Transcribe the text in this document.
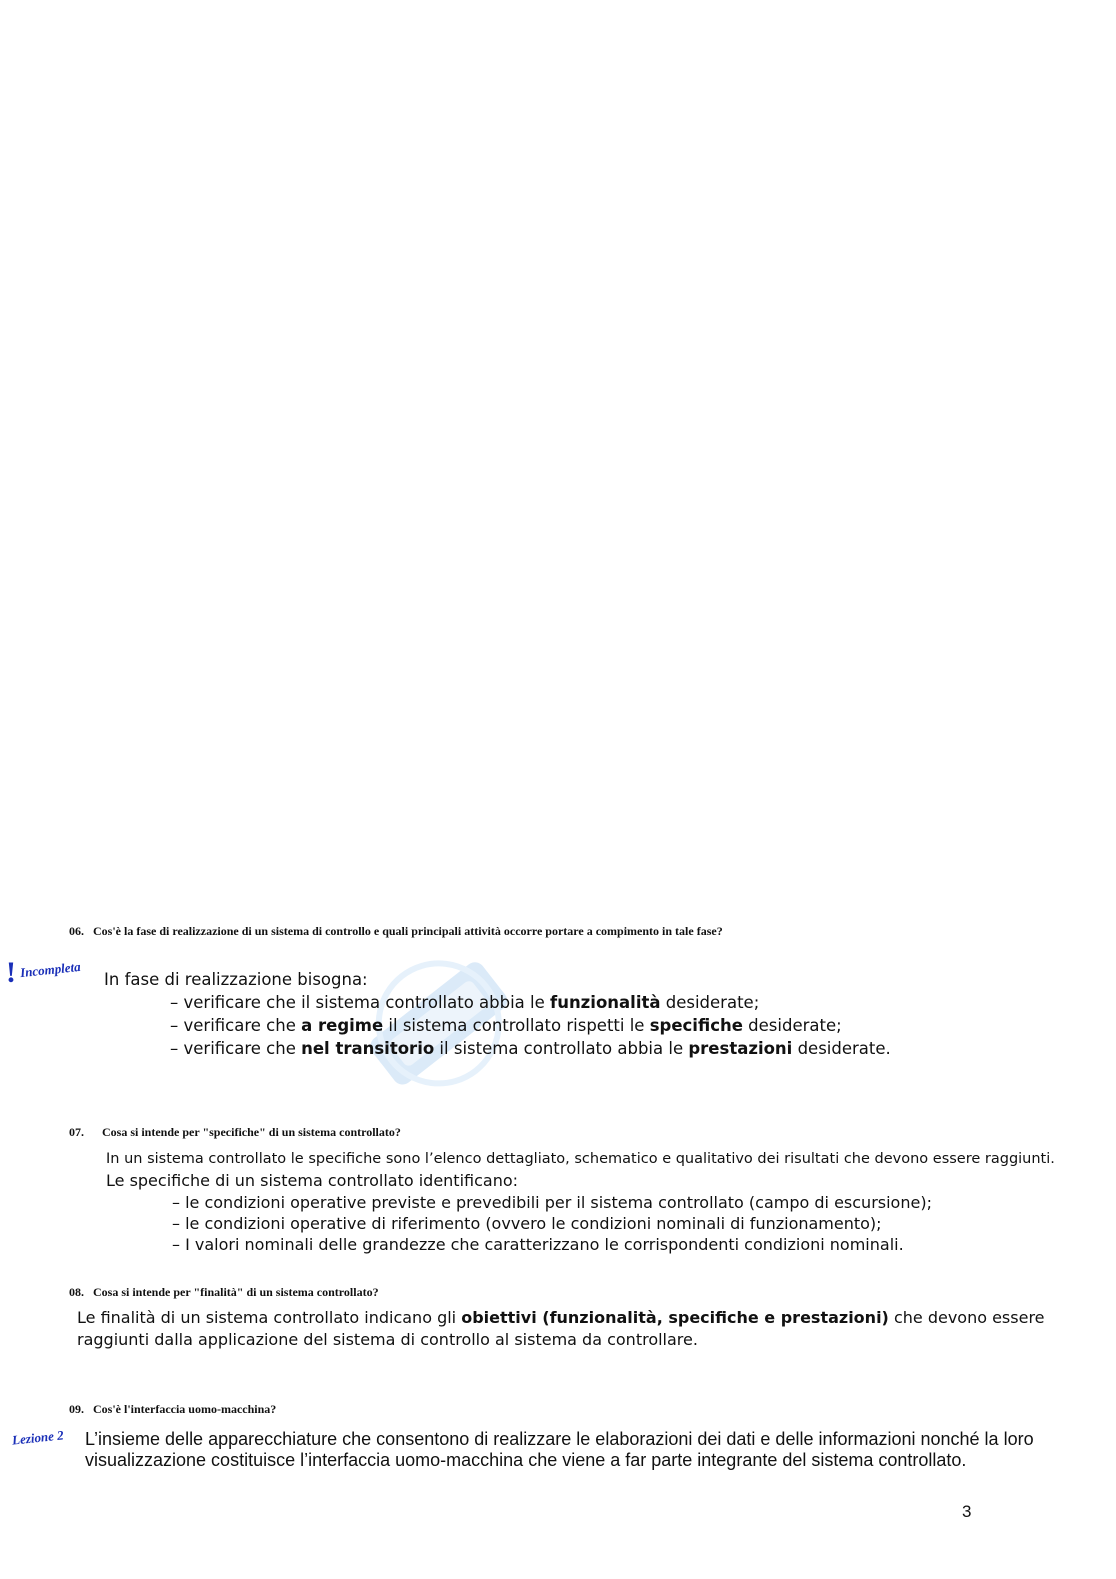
06. Cos'è la fase di realizzazione di un sistema di controllo e quali principali attività occorre portare a compimento in tale fase?
! Incompleta In fase di realizzazione bisogna:
– verificare che il sistema controllato abbia le funzionalità desiderate;
– verificare che a regime il sistema controllato rispetti le specifiche desiderate;
– verificare che nel transitorio il sistema controllato abbia le prestazioni desiderate.
07. Cosa si intende per "specifiche" di un sistema controllato?
In un sistema controllato le specifiche sono l’elenco dettagliato, schematico e qualitativo dei risultati che devono essere raggiunti.
Le specifiche di un sistema controllato identificano:
– le condizioni operative previste e prevedibili per il sistema controllato (campo di escursione);
– le condizioni operative di riferimento (ovvero le condizioni nominali di funzionamento);
– I valori nominali delle grandezze che caratterizzano le corrispondenti condizioni nominali.
08. Cosa si intende per "finalità" di un sistema controllato?
Le finalità di un sistema controllato indicano gli obiettivi (funzionalità, specifiche e prestazioni) che devono essere
raggiunti dalla applicazione del sistema di controllo al sistema da controllare.
09. Cos'è l'interfaccia uomo-macchina?
Lezione 2 L’insieme delle apparecchiature che consentono di realizzare le elaborazioni dei dati e delle informazioni nonché la loro visualizzazione costituisce l’interfaccia uomo-macchina che viene a far parte integrante del sistema controllato.
3
